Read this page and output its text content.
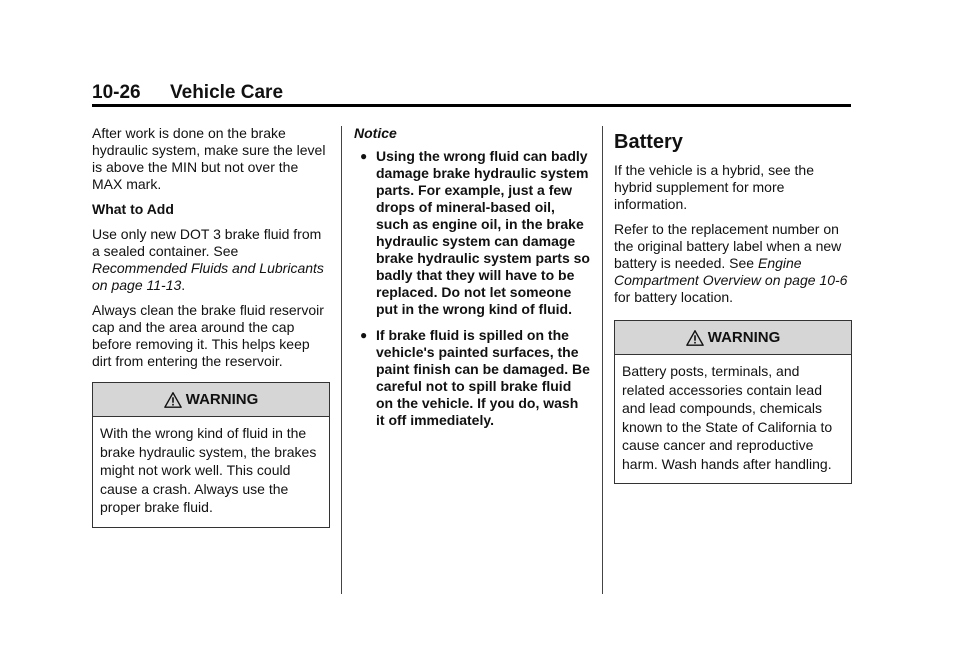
10-26 Vehicle Care

After work is done on the brake hydraulic system, make sure the level is above the MIN but not over the MAX mark.

What to Add

Use only new DOT 3 brake fluid from a sealed container. See Recommended Fluids and Lubricants on page 11-13.

Always clean the brake fluid reservoir cap and the area around the cap before removing it. This helps keep dirt from entering the reservoir.

WARNING
With the wrong kind of fluid in the brake hydraulic system, the brakes might not work well. This could cause a crash. Always use the proper brake fluid.
Notice
● Using the wrong fluid can badly damage brake hydraulic system parts. For example, just a few drops of mineral-based oil, such as engine oil, in the brake hydraulic system can damage brake hydraulic system parts so badly that they will have to be replaced. Do not let someone put in the wrong kind of fluid.
● If brake fluid is spilled on the vehicle's painted surfaces, the paint finish can be damaged. Be careful not to spill brake fluid on the vehicle. If you do, wash it off immediately.
Battery

If the vehicle is a hybrid, see the hybrid supplement for more information.

Refer to the replacement number on the original battery label when a new battery is needed. See Engine Compartment Overview on page 10-6 for battery location.

WARNING
Battery posts, terminals, and related accessories contain lead and lead compounds, chemicals known to the State of California to cause cancer and reproductive harm. Wash hands after handling.
